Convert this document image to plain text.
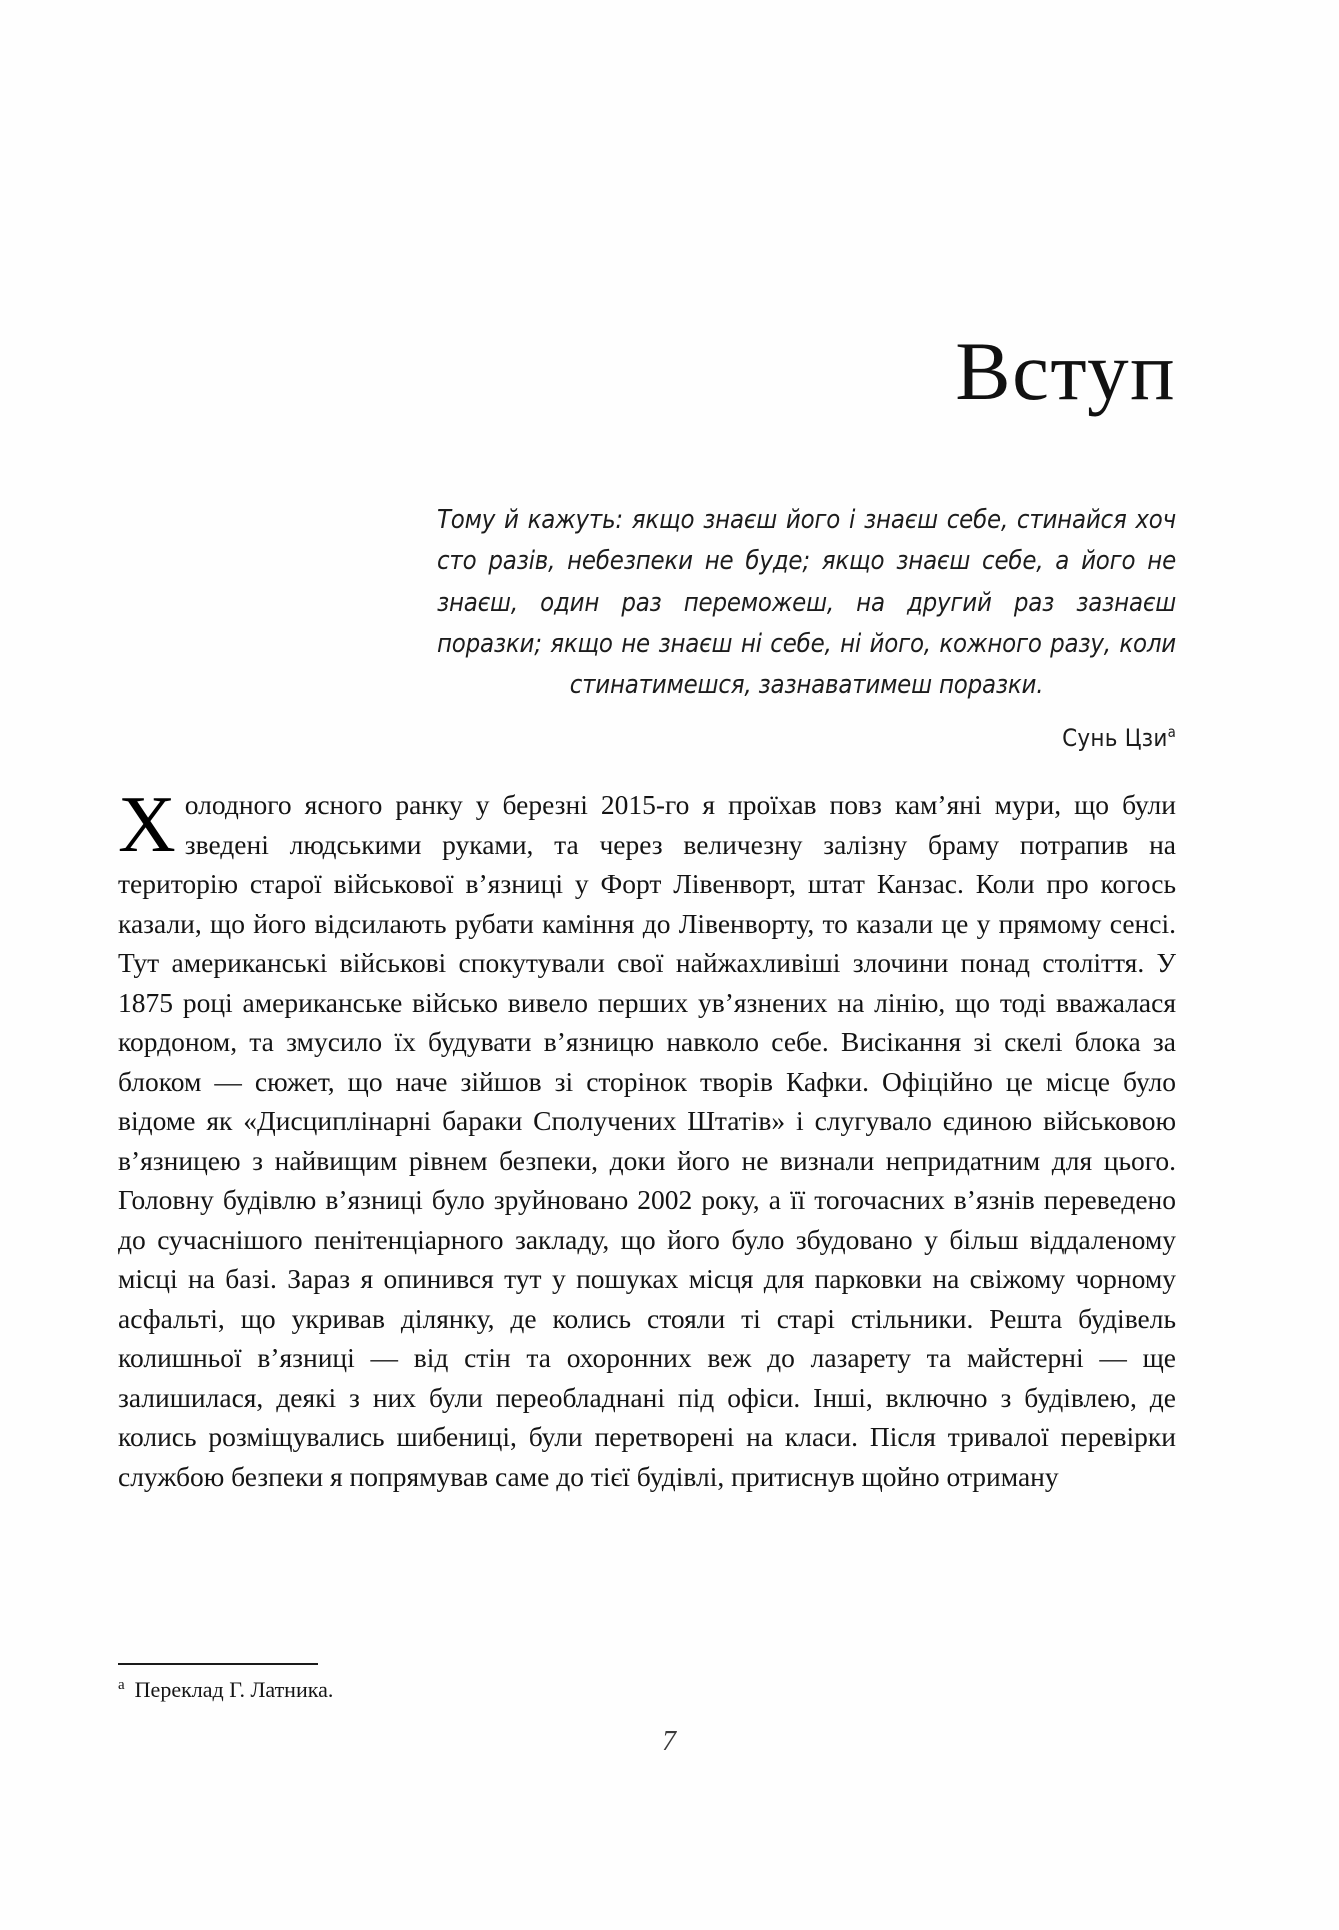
Вступ

Тому й кажуть: якщо знаєш його і знаєш себе, стинайся хоч сто разів, небезпеки не буде; якщо знаєш себе, а його не знаєш, один раз переможеш, на другий раз зазнаєш поразки; якщо не знаєш ні себе, ні його, кожного разу, коли стинатимешся, зазнаватимеш поразки.

Сунь Цзи$^a$

Холодного ясного ранку у березні 2015-го я проїхав повз кам’яні мури, що були зведені людськими руками, та через величезну залізну браму потрапив на територію старої військової в’язниці у Форт Лівенворт, штат Канзас. Коли про когось казали, що його відсилають рубати каміння до Лівенворту, то казали це у прямому сенсі. Тут американські військові спокутували свої найжахливіші злочини понад століття. У 1875 році американське військо вивело перших ув’язнених на лінію, що тоді вважалася кордоном, та змусило їх будувати в’язницю навколо себе. Висікання зі скелі блока за блоком — сюжет, що наче зійшов зі сторінок творів Кафки. Офіційно це місце було відоме як «Дисциплінарні бараки Сполучених Штатів» і слугувало єдиною військовою в’язницею з найвищим рівнем безпеки, доки його не визнали непридатним для цього. Головну будівлю в’язниці було зруйновано 2002 року, а її тогочасних в’язнів переведено до сучаснішого пенітенціарного закладу, що його було збудовано у більш віддаленому місці на базі. Зараз я опинився тут у пошуках місця для парковки на свіжому чорному асфальті, що укривав ділянку, де колись стояли ті старі стільники. Решта будівель колишньої в’язниці — від стін та охоронних веж до лазарету та майстерні — ще залишилася, деякі з них були переобладнані під офіси. Інші, включно з будівлею, де колись розміщувались шибениці, були перетворені на класи. Після тривалої перевірки службою безпеки я попрямував саме до тієї будівлі, притиснув щойно отриману

a Переклад Г. Латника.

7
